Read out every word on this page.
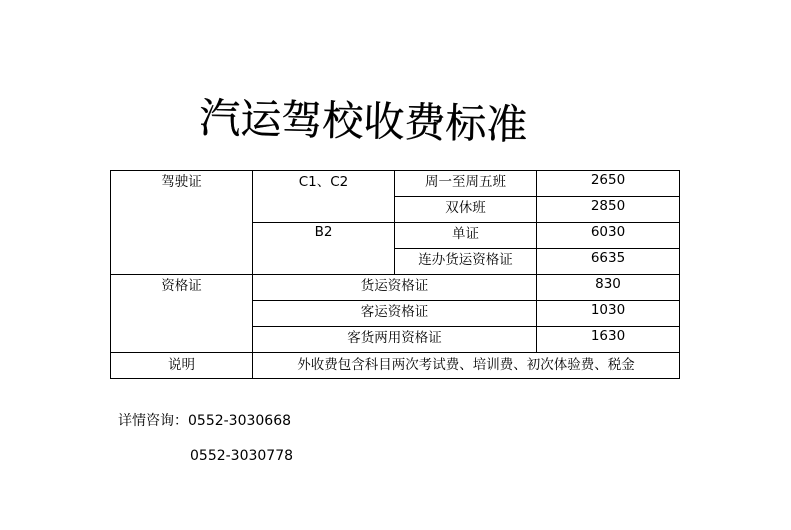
汽运驾校收费标准
驾驶证	C1、C2	周一至周五班	2650
		双休班	2850
	B2	单证	6030
		连办货运资格证	6635
资格证	货运资格证		830
	客运资格证		1030
	客货两用资格证		1630
说明	外收费包含科目两次考试费、培训费、初次体验费、税金		
详情咨询：0552-3030668
0552-3030778
